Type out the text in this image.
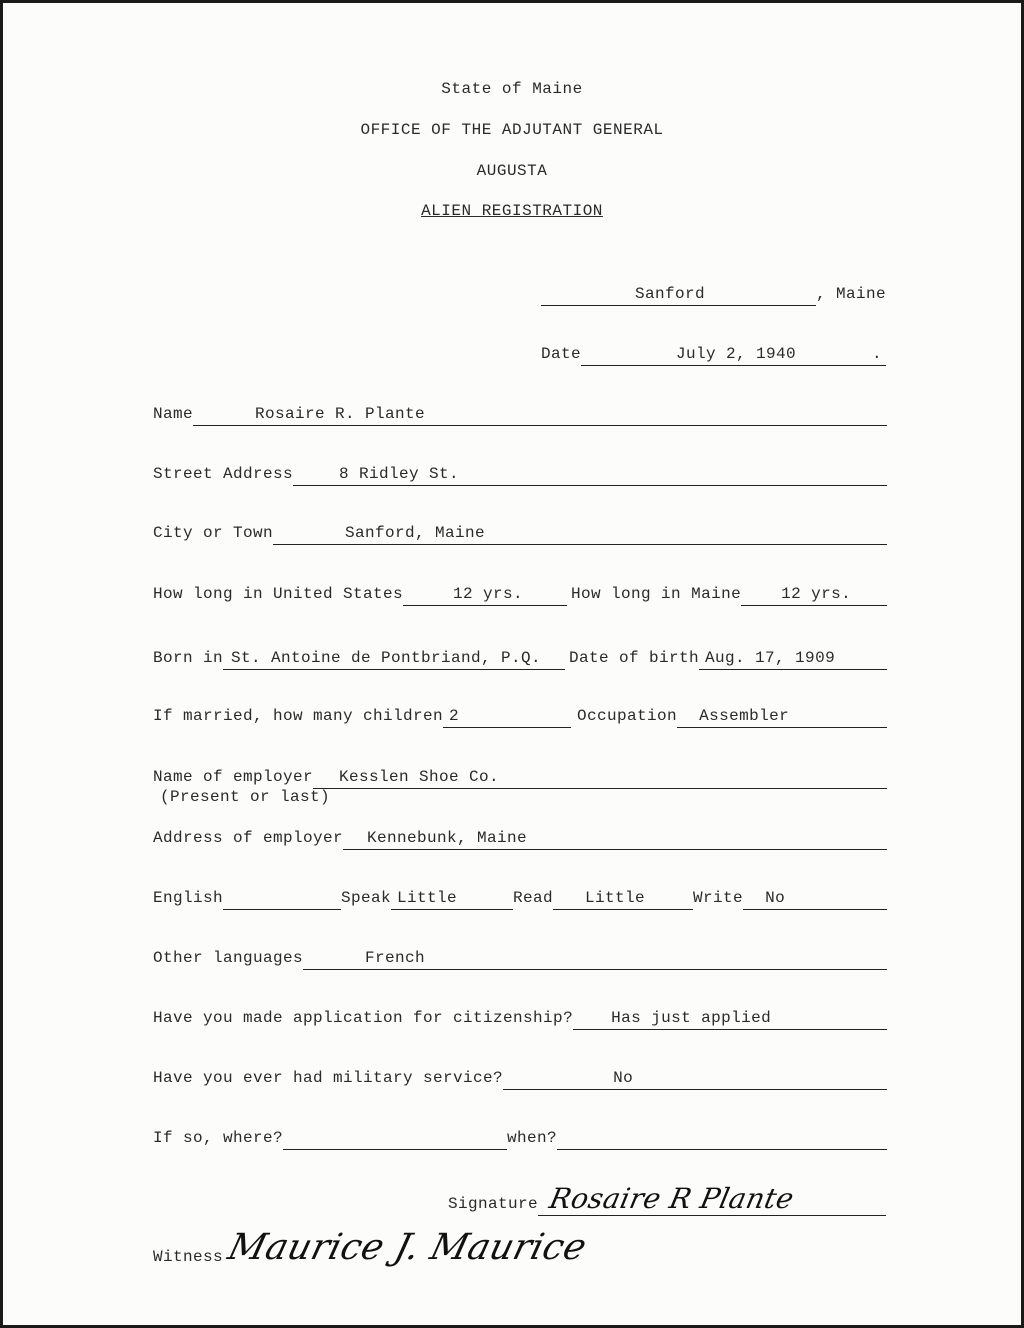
State of Maine
OFFICE OF THE ADJUTANT GENERAL
AUGUSTA
ALIEN REGISTRATION
Sanford	, Maine
Date	July 2, 1940	.
Name	Rosaire R. Plante
Street Address	8 Ridley St.
City or Town	Sanford, Maine
How long in United States	12 yrs.	How long in Maine	12 yrs.
Born in St. Antoine de Pontbriand, P.Q. Date of birth Aug. 17, 1909
If married, how many children 2	Occupation Assembler
Name of employer Kesslen Shoe Co.
(Present or last)
Address of employer Kennebunk, Maine
English	Speak Little	Read Little	Write No
Other languages	French
Have you made application for citizenship? Has just applied
Have you ever had military service?	No
If so, where?	when?
Signature Rosaire R Plante
Witness Maurice J. Maurice
